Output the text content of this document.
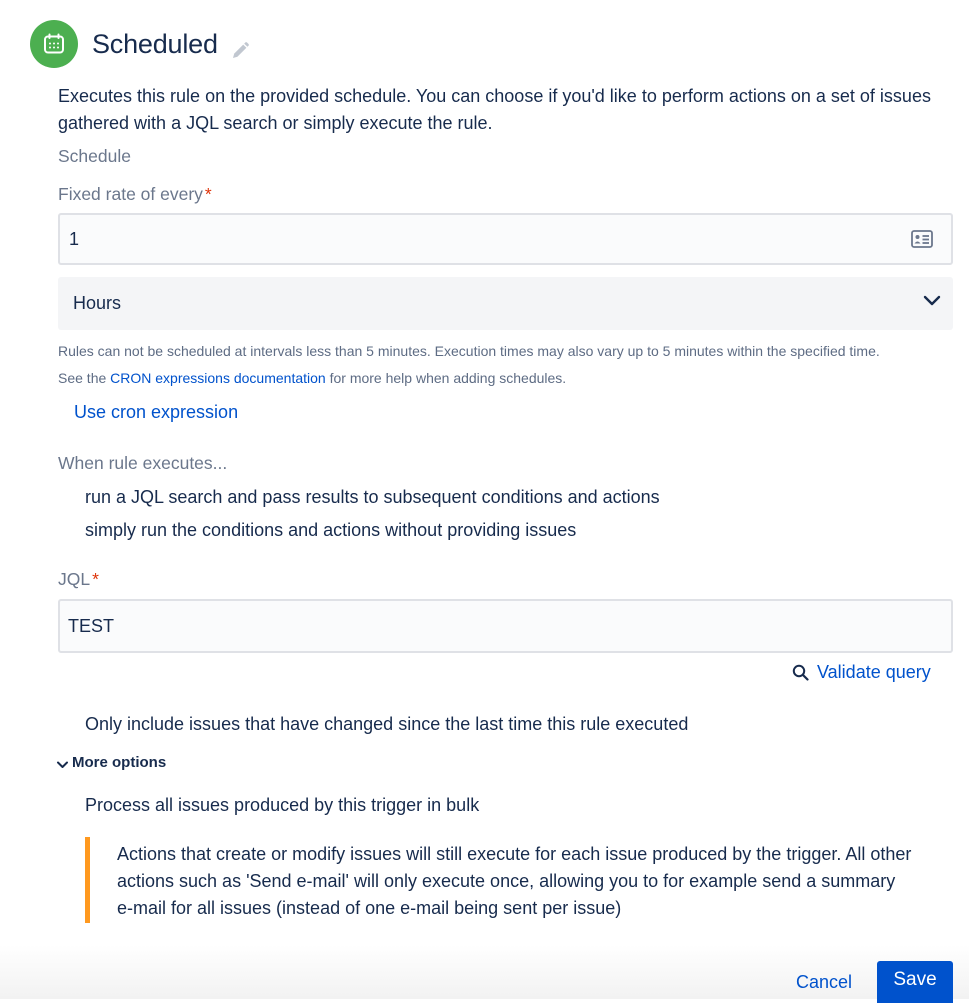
Scheduled
Executes this rule on the provided schedule. You can choose if you'd like to perform actions on a set of issues gathered with a JQL search or simply execute the rule.
Schedule
Fixed rate of every *
1
Hours
Rules can not be scheduled at intervals less than 5 minutes. Execution times may also vary up to 5 minutes within the specified time.
See the CRON expressions documentation for more help when adding schedules.
Use cron expression
When rule executes...
run a JQL search and pass results to subsequent conditions and actions
simply run the conditions and actions without providing issues
JQL *
TEST
Validate query
Only include issues that have changed since the last time this rule executed
More options
Process all issues produced by this trigger in bulk
Actions that create or modify issues will still execute for each issue produced by the trigger. All other actions such as 'Send e-mail' will only execute once, allowing you to for example send a summary e-mail for all issues (instead of one e-mail being sent per issue)
Cancel	Save
